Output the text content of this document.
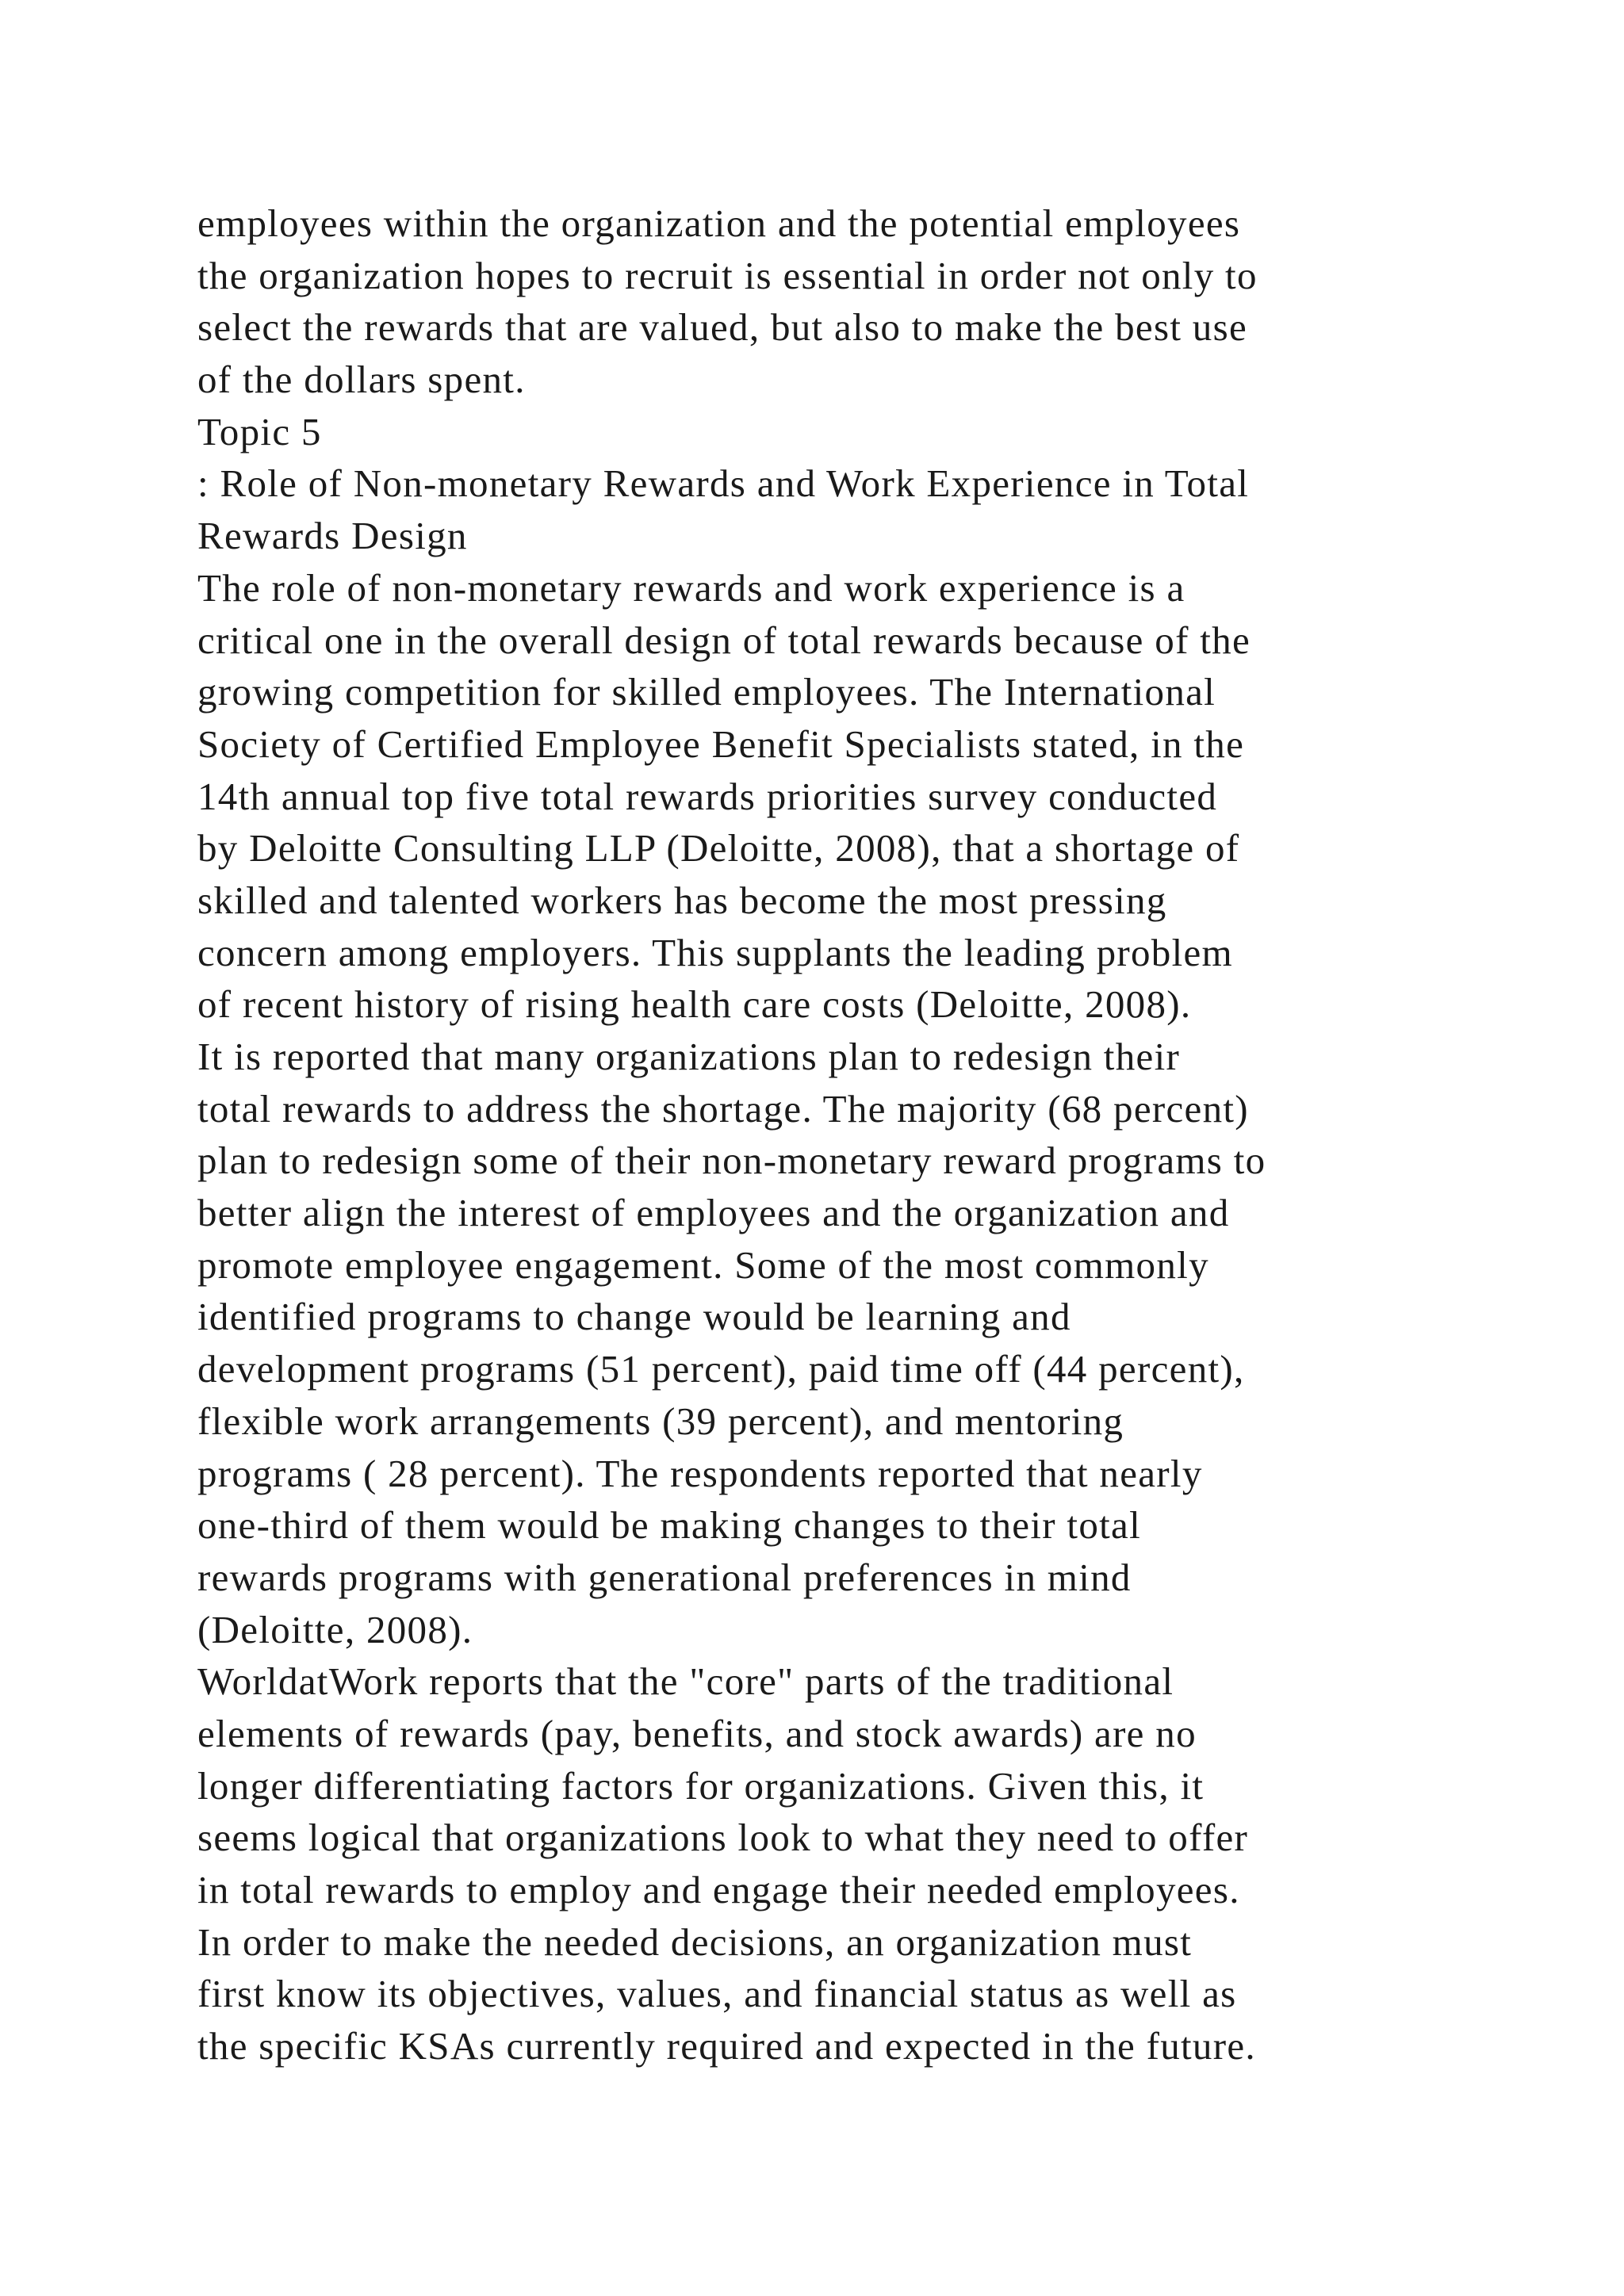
employees within the organization and the potential employees
the organization hopes to recruit is essential in order not only to
select the rewards that are valued, but also to make the best use
of the dollars spent.
Topic 5
: Role of Non-monetary Rewards and Work Experience in Total
Rewards Design
The role of non-monetary rewards and work experience is a
critical one in the overall design of total rewards because of the
growing competition for skilled employees. The International
Society of Certified Employee Benefit Specialists stated, in the
14th annual top five total rewards priorities survey conducted
by Deloitte Consulting LLP (Deloitte, 2008), that a shortage of
skilled and talented workers has become the most pressing
concern among employers. This supplants the leading problem
of recent history of rising health care costs (Deloitte, 2008).
It is reported that many organizations plan to redesign their
total rewards to address the shortage. The majority (68 percent)
plan to redesign some of their non-monetary reward programs to
better align the interest of employees and the organization and
promote employee engagement. Some of the most commonly
identified programs to change would be learning and
development programs (51 percent), paid time off (44 percent),
flexible work arrangements (39 percent), and mentoring
programs ( 28 percent). The respondents reported that nearly
one-third of them would be making changes to their total
rewards programs with generational preferences in mind
(Deloitte, 2008).
WorldatWork reports that the "core" parts of the traditional
elements of rewards (pay, benefits, and stock awards) are no
longer differentiating factors for organizations. Given this, it
seems logical that organizations look to what they need to offer
in total rewards to employ and engage their needed employees.
In order to make the needed decisions, an organization must
first know its objectives, values, and financial status as well as
the specific KSAs currently required and expected in the future.
